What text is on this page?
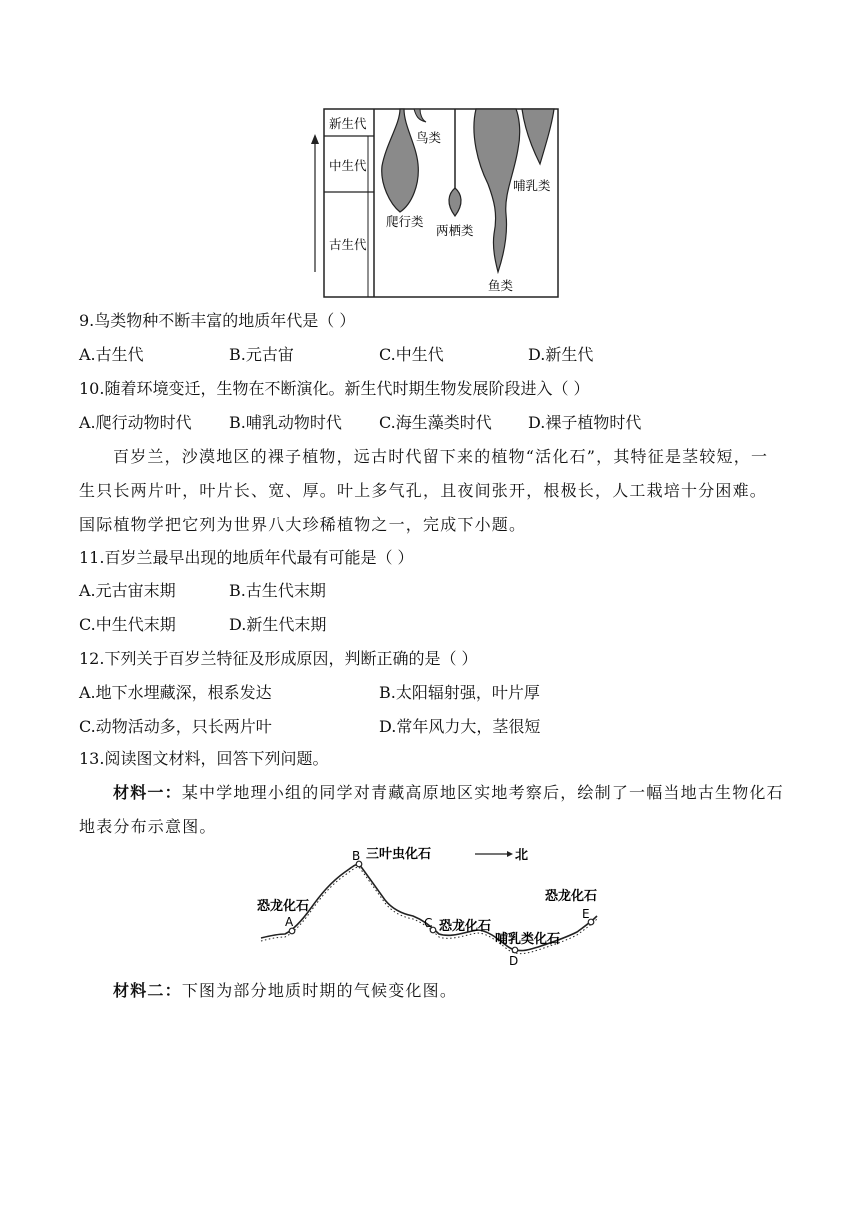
新生代
中生代
古生代
鸟类
爬行类
两栖类
哺乳类
鱼类
9.鸟类物种不断丰富的地质年代是（ ）
A.古生代	B.元古宙	C.中生代	D.新生代
10.随着环境变迁，生物在不断演化。新生代时期生物发展阶段进入（ ）
A.爬行动物时代 B.哺乳动物时代 C.海生藻类时代 D.裸子植物时代
百岁兰，沙漠地区的裸子植物，远古时代留下来的植物“活化石”，其特征是茎较短，一生只长两片叶，叶片长、宽、厚。叶上多气孔，且夜间张开，根极长，人工栽培十分困难。国际植物学把它列为世界八大珍稀植物之一，完成下小题。
11.百岁兰最早出现的地质年代最有可能是（ ）
A.元古宙末期	B.古生代末期
C.中生代末期	D.新生代末期
12.下列关于百岁兰特征及形成原因，判断正确的是（ ）
A.地下水埋藏深，根系发达	B.太阳辐射强，叶片厚
C.动物活动多，只长两片叶	D.常年风力大，茎很短
13.阅读图文材料，回答下列问题。
材料一：某中学地理小组的同学对青藏高原地区实地考察后，绘制了一幅当地古生物化石地表分布示意图。
A
恐龙化石
B 三叶虫化石	北
C 恐龙化石
D
哺乳类化石
E
恐龙化石
材料二：下图为部分地质时期的气候变化图。
